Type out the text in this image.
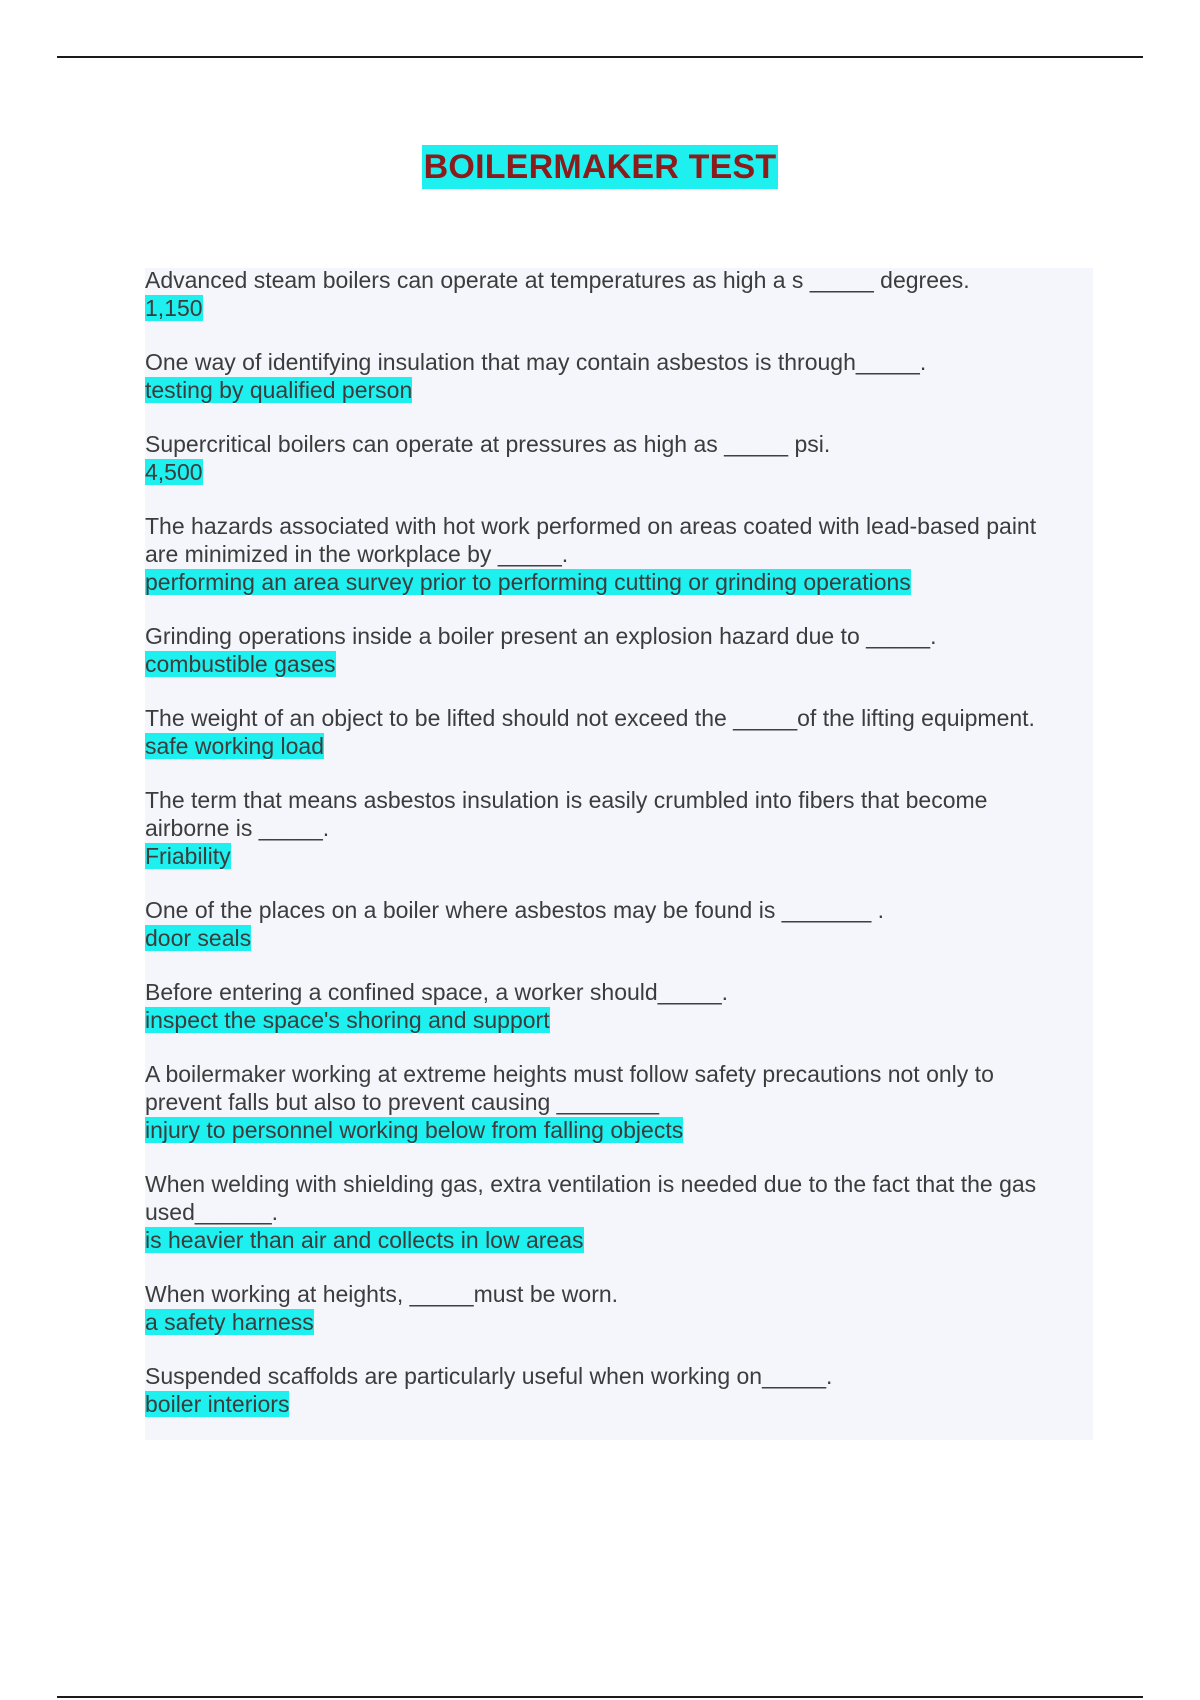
BOILERMAKER TEST

Advanced steam boilers can operate at temperatures as high a s _____ degrees.

1,150

One way of identifying insulation that may contain asbestos is through_____.

testing by qualified person

Supercritical boilers can operate at pressures as high as _____ psi.

4,500

The hazards associated with hot work performed on areas coated with lead-based paint
are minimized in the workplace by _____.

performing an area survey prior to performing cutting or grinding operations

Grinding operations inside a boiler present an explosion hazard due to _____.

combustible gases

The weight of an object to be lifted should not exceed the _____of the lifting equipment.

safe working load

The term that means asbestos insulation is easily crumbled into fibers that become
airborne is _____.

Friability

One of the places on a boiler where asbestos may be found is _______ .

door seals

Before entering a confined space, a worker should_____.

inspect the space's shoring and support

A boilermaker working at extreme heights must follow safety precautions not only to
prevent falls but also to prevent causing ________

injury to personnel working below from falling objects

When welding with shielding gas, extra ventilation is needed due to the fact that the gas
used______.

is heavier than air and collects in low areas

When working at heights, _____must be worn.

a safety harness

Suspended scaffolds are particularly useful when working on_____.

boiler interiors
